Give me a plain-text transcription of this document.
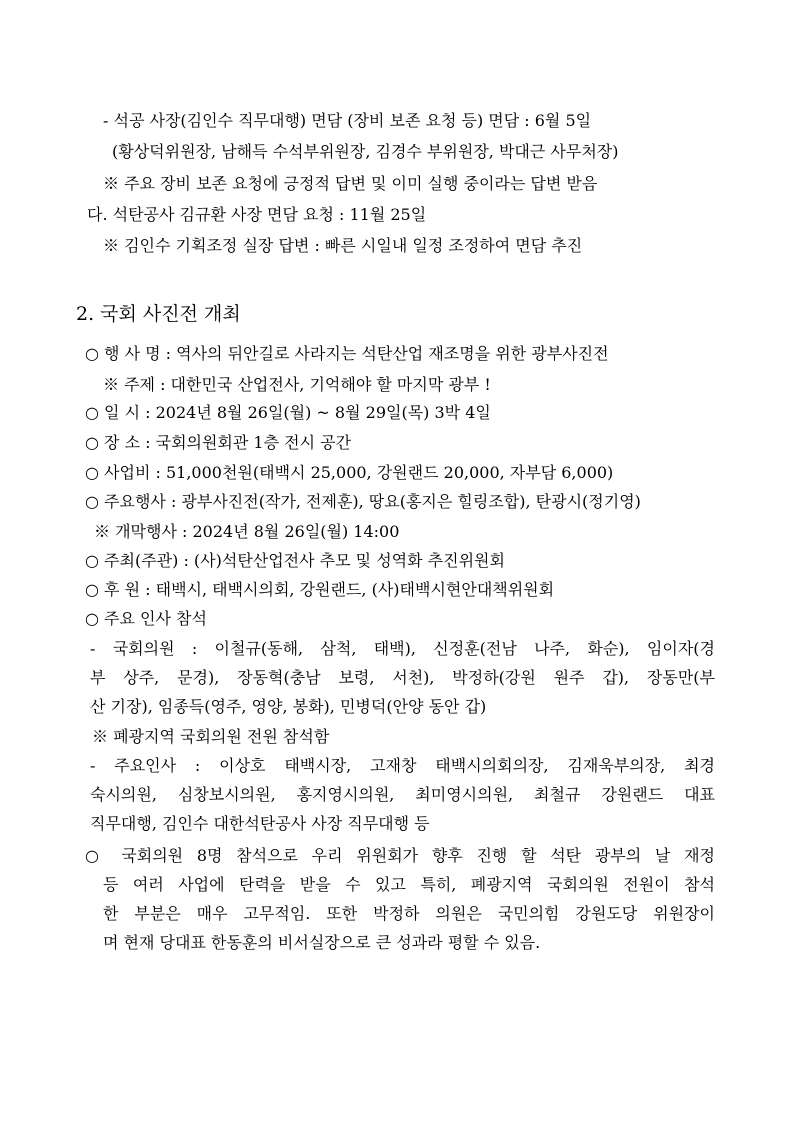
- 석공 사장(김인수 직무대행) 면담 (장비 보존 요청 등) 면담 : 6월 5일
(황상덕위원장, 남해득 수석부위원장, 김경수 부위원장, 박대근 사무처장)
※ 주요 장비 보존 요청에 긍정적 답변 및 이미 실행 중이라는 답변 받음
다. 석탄공사 김규환 사장 면담 요청 : 11월 25일
※ 김인수 기획조정 실장 답변 : 빠른 시일내 일정 조정하여 면담 추진
2. 국회 사진전 개최
○ 행 사 명 : 역사의 뒤안길로 사라지는 석탄산업 재조명을 위한 광부사진전
※ 주제 : 대한민국 산업전사, 기억해야 할 마지막 광부 !
○ 일 시 : 2024년 8월 26일(월) ~ 8월 29일(목) 3박 4일
○ 장 소 : 국회의원회관 1층 전시 공간
○ 사업비 : 51,000천원(태백시 25,000, 강원랜드 20,000, 자부담 6,000)
○ 주요행사 : 광부사진전(작가, 전제훈), 땅요(홍지은 힐링조합), 탄광시(정기영)
※ 개막행사 : 2024년 8월 26일(월) 14:00
○ 주최(주관) : (사)석탄산업전사 추모 및 성역화 추진위원회
○ 후 원 : 태백시, 태백시의회, 강원랜드, (사)태백시현안대책위원회
○ 주요 인사 참석
- 국회의원 : 이철규(동해, 삼척, 태백), 신정훈(전남 나주, 화순), 임이자(경
부 상주, 문경), 장동혁(충남 보령, 서천), 박정하(강원 원주 갑), 장동만(부
산 기장), 임종득(영주, 영양, 봉화), 민병덕(안양 동안 갑)
※ 폐광지역 국회의원 전원 참석함
- 주요인사 : 이상호 태백시장, 고재창 태백시의회의장, 김재욱부의장, 최경
숙시의원, 심창보시의원, 홍지영시의원, 최미영시의원, 최철규 강원랜드 대표
직무대행, 김인수 대한석탄공사 사장 직무대행 등
○ 국회의원 8명 참석으로 우리 위원회가 향후 진행 할 석탄 광부의 날 재정
등 여러 사업에 탄력을 받을 수 있고 특히, 폐광지역 국회의원 전원이 참석
한 부분은 매우 고무적임. 또한 박정하 의원은 국민의힘 강원도당 위원장이
며 현재 당대표 한동훈의 비서실장으로 큰 성과라 평할 수 있음.
